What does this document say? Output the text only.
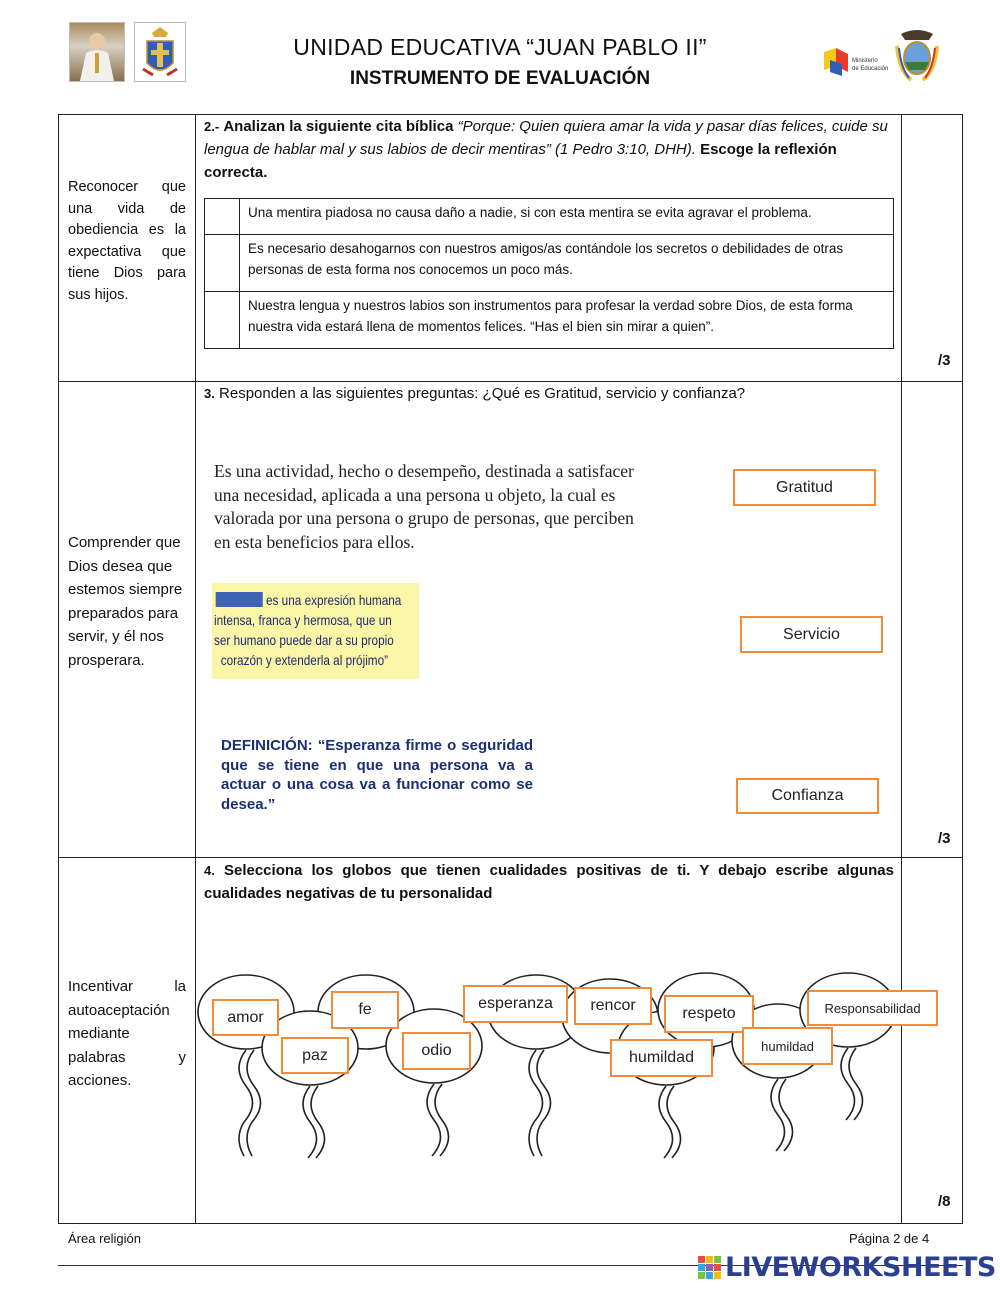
UNIDAD EDUCATIVA “JUAN PABLO II”
INSTRUMENTO DE EVALUACIÓN
Ministerio
de Educación
Reconocer que una vida de obediencia es la expectativa que tiene Dios para sus hijos.
2.- Analizan la siguiente cita bíblica “Porque: Quien quiera amar la vida y pasar días felices, cuide su lengua de hablar mal y sus labios de decir mentiras” (1 Pedro 3:10, DHH). Escoge la reflexión correcta.
	Una mentira piadosa no causa daño a nadie, si con esta mentira se evita agravar el problema.
	Es necesario desahogarnos con nuestros amigos/as contándole los secretos o debilidades de otras personas de esta forma nos conocemos un poco más.
	Nuestra lengua y nuestros labios son instrumentos para profesar la verdad sobre Dios, de esta forma nuestra vida estará llena de momentos felices. “Has el bien sin mirar a quien”.
/3
Comprender que Dios desea que estemos siempre preparados para servir, y él nos prosperara.
3. Responden a las siguientes preguntas: ¿Qué es Gratitud, servicio y confianza?
Es una actividad, hecho o desempeño, destinada a satisfacer una necesidad, aplicada a una persona u objeto, la cual es valorada por una persona o grupo de personas, que perciben en esta beneficios para ellos.
es una expresión humana
intensa, franca y hermosa, que un
ser humano puede dar a su propio
corazón y extenderla al prójimo”
DEFINICIÓN: “Esperanza firme o seguridad que se tiene en que una persona va a actuar o una cosa va a funcionar como se desea.”
Gratitud
Servicio
Confianza
/3
Incentivar la autoaceptación mediante palabras y acciones.
4. Selecciona los globos que tienen cualidades positivas de ti. Y debajo escribe algunas cualidades negativas de tu personalidad
amor	fe
paz	odio
esperanza	rencor
humildad
respeto
humildad
Responsabilidad
/8
Área religión	Página 2 de 4
LIVEWORKSHEETS
